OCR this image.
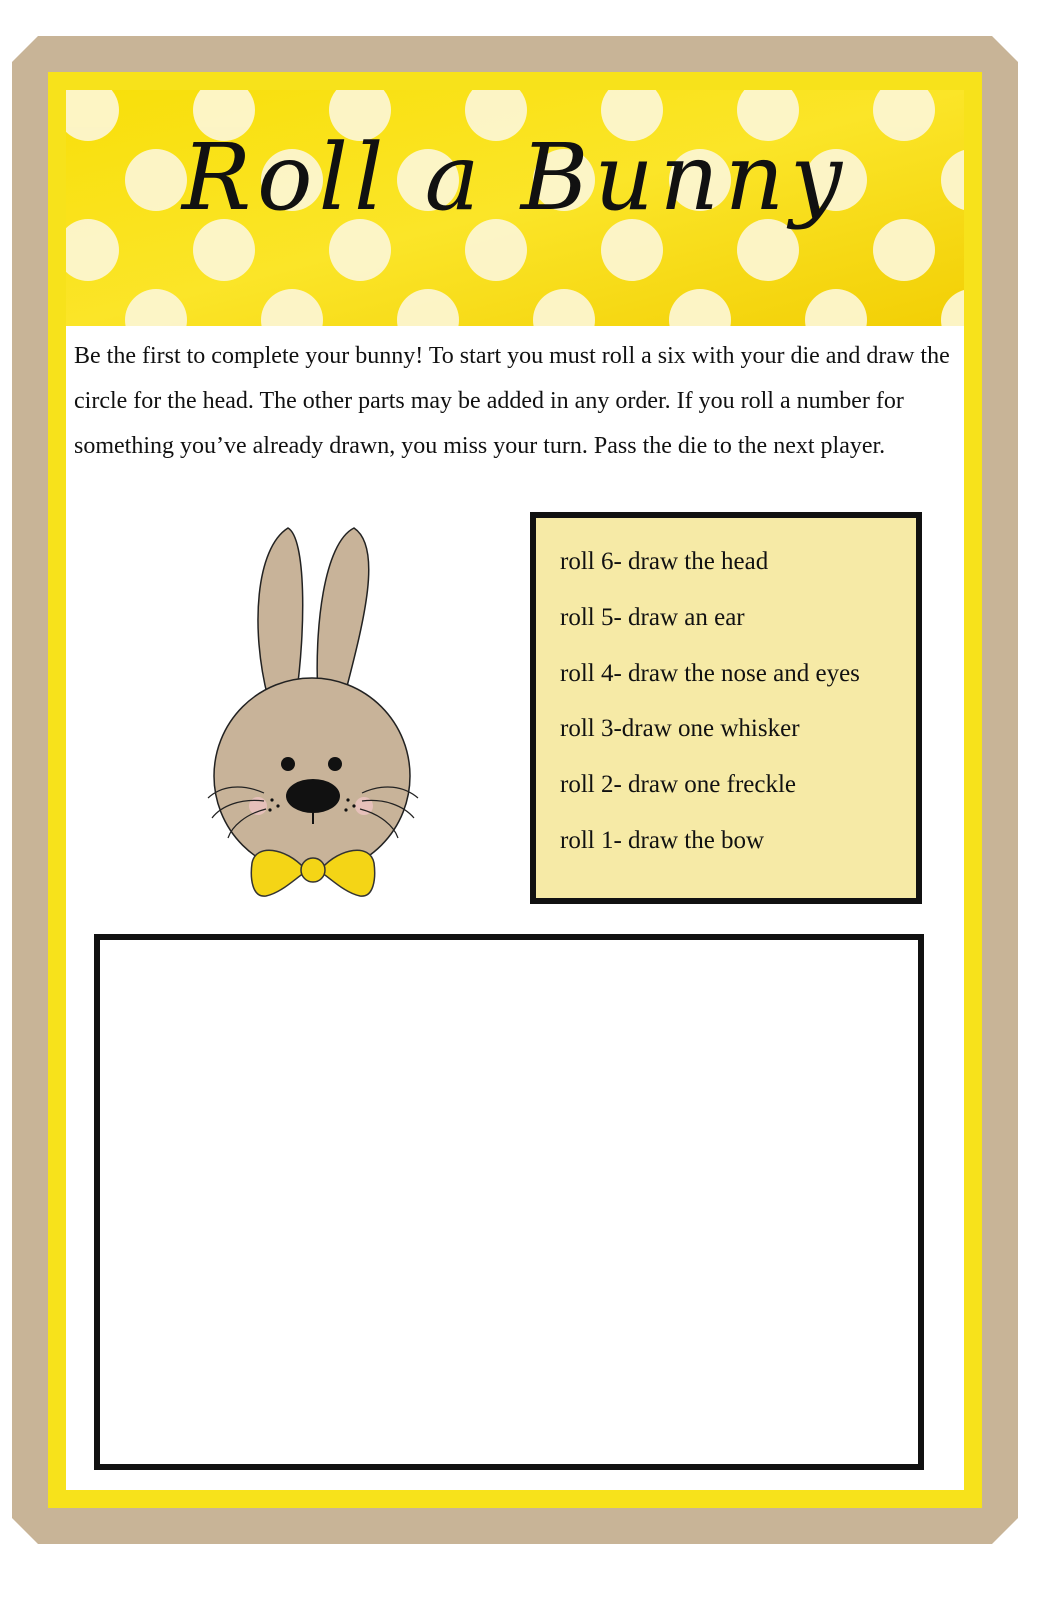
Roll a Bunny

Be the first to complete your bunny! To start you must roll a six with your die and draw the circle for the head. The other parts may be added in any order. If you roll a number for something you’ve already drawn, you miss your turn. Pass the die to the next player.

roll 6- draw the head
roll 5- draw an ear
roll 4- draw the nose and eyes
roll 3-draw one whisker
roll 2- draw one freckle
roll 1- draw the bow
